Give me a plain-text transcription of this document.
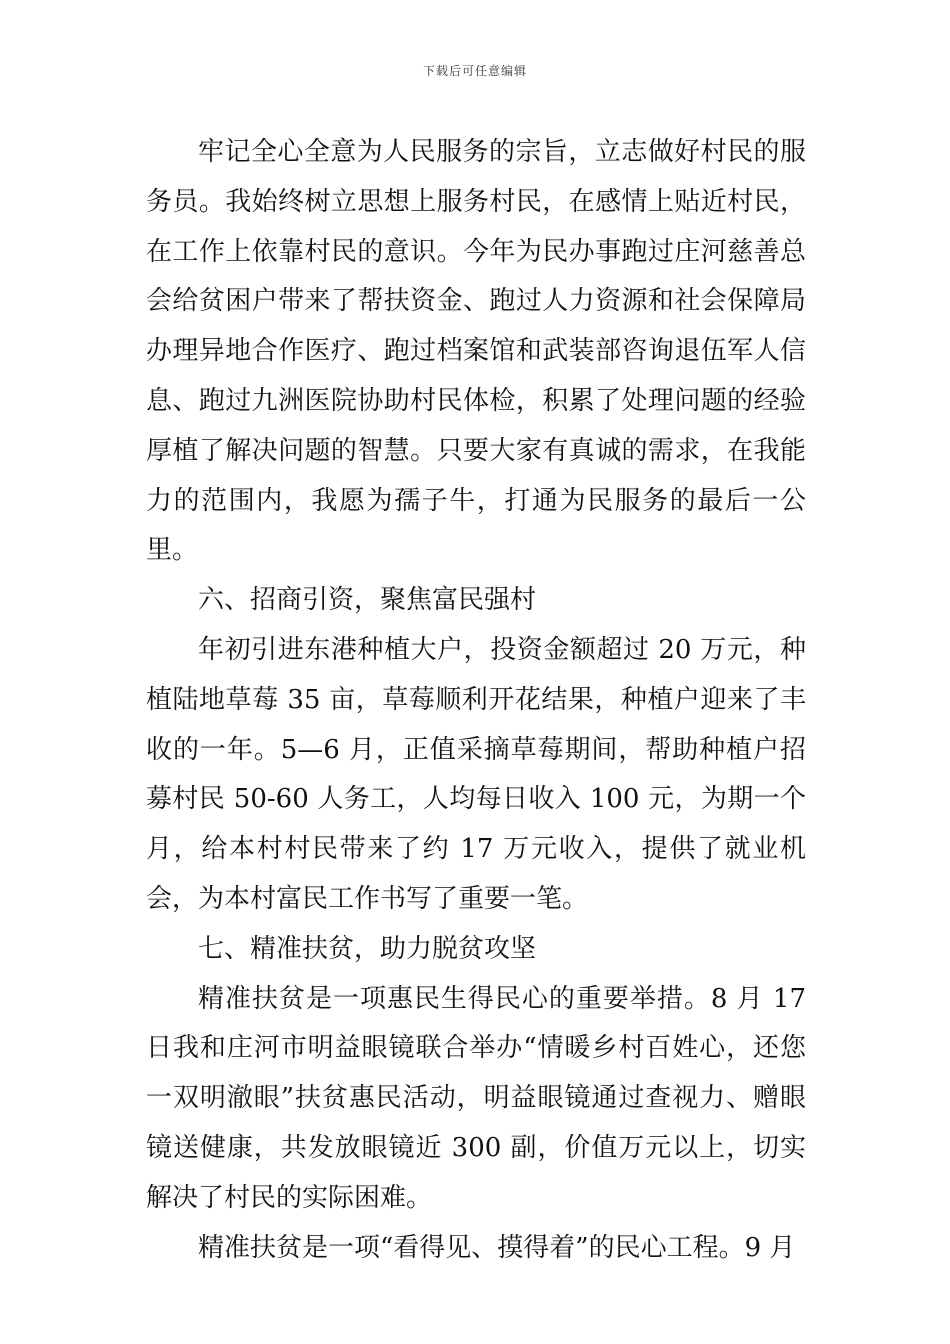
下载后可任意编辑

牢记全心全意为人民服务的宗旨，立志做好村民的服务员。我始终树立思想上服务村民，在感情上贴近村民，在工作上依靠村民的意识。今年为民办事跑过庄河慈善总会给贫困户带来了帮扶资金、跑过人力资源和社会保障局办理异地合作医疗、跑过档案馆和武装部咨询退伍军人信息、跑过九洲医院协助村民体检，积累了处理问题的经验厚植了解决问题的智慧。只要大家有真诚的需求，在我能力的范围内，我愿为孺子牛，打通为民服务的最后一公里。

六、招商引资，聚焦富民强村

年初引进东港种植大户，投资金额超过 20 万元，种植陆地草莓 35 亩，草莓顺利开花结果，种植户迎来了丰收的一年。5—6 月，正值采摘草莓期间，帮助种植户招募村民 50-60 人务工，人均每日收入 100 元，为期一个月，给本村村民带来了约 17 万元收入，提供了就业机会，为本村富民工作书写了重要一笔。

七、精准扶贫，助力脱贫攻坚

精准扶贫是一项惠民生得民心的重要举措。8 月 17 日我和庄河市明益眼镜联合举办“情暖乡村百姓心，还您一双明澈眼”扶贫惠民活动，明益眼镜通过查视力、赠眼镜送健康，共发放眼镜近 300 副，价值万元以上，切实解决了村民的实际困难。

精准扶贫是一项“看得见、摸得着”的民心工程。9 月
